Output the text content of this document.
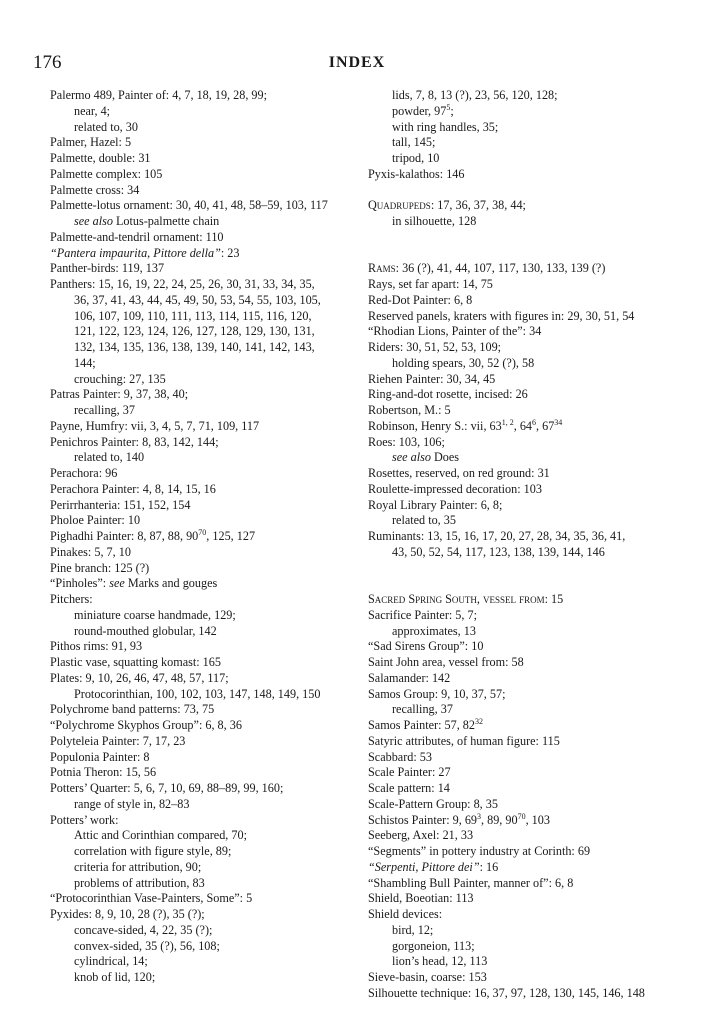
176	INDEX
Palermo 489, Painter of: 4, 7, 18, 19, 28, 99;
near, 4;
related to, 30
Palmer, Hazel: 5
Palmette, double: 31
Palmette complex: 105
Palmette cross: 34
Palmette-lotus ornament: 30, 40, 41, 48, 58–59, 103, 117
see also Lotus-palmette chain
Palmette-and-tendril ornament: 110
“Pantera impaurita, Pittore della”: 23
Panther-birds: 119, 137
Panthers: 15, 16, 19, 22, 24, 25, 26, 30, 31, 33, 34, 35,
36, 37, 41, 43, 44, 45, 49, 50, 53, 54, 55, 103, 105,
106, 107, 109, 110, 111, 113, 114, 115, 116, 120,
121, 122, 123, 124, 126, 127, 128, 129, 130, 131,
132, 134, 135, 136, 138, 139, 140, 141, 142, 143,
144;
crouching: 27, 135
Patras Painter: 9, 37, 38, 40;
recalling, 37
Payne, Humfry: vii, 3, 4, 5, 7, 71, 109, 117
Penichros Painter: 8, 83, 142, 144;
related to, 140
Perachora: 96
Perachora Painter: 4, 8, 14, 15, 16
Perirrhanteria: 151, 152, 154
Pholoe Painter: 10
Pighadhi Painter: 8, 87, 88, $90^{70}$, 125, 127
Pinakes: 5, 7, 10
Pine branch: 125 (?)
“Pinholes”: see Marks and gouges
Pitchers:
miniature coarse handmade, 129;
round-mouthed globular, 142
Pithos rims: 91, 93
Plastic vase, squatting komast: 165
Plates: 9, 10, 26, 46, 47, 48, 57, 117;
Protocorinthian, 100, 102, 103, 147, 148, 149, 150
Polychrome band patterns: 73, 75
“Polychrome Skyphos Group”: 6, 8, 36
Polyteleia Painter: 7, 17, 23
Populonia Painter: 8
Potnia Theron: 15, 56
Potters’ Quarter: 5, 6, 7, 10, 69, 88–89, 99, 160;
range of style in, 82–83
Potters’ work:
Attic and Corinthian compared, 70;
correlation with figure style, 89;
criteria for attribution, 90;
problems of attribution, 83
“Protocorinthian Vase-Painters, Some”: 5
Pyxides: 8, 9, 10, 28 (?), 35 (?);
concave-sided, 4, 22, 35 (?);
convex-sided, 35 (?), 56, 108;
cylindrical, 14;
knob of lid, 120;
lids, 7, 8, 13 (?), 23, 56, 120, 128;
powder, $97^5$;
with ring handles, 35;
tall, 145;
tripod, 10
Pyxis-kalathos: 146
Quadrupeds: 17, 36, 37, 38, 44;
in silhouette, 128
Rams: 36 (?), 41, 44, 107, 117, 130, 133, 139 (?)
Rays, set far apart: 14, 75
Red-Dot Painter: 6, 8
Reserved panels, kraters with figures in: 29, 30, 51, 54
“Rhodian Lions, Painter of the”: 34
Riders: 30, 51, 52, 53, 109;
holding spears, 30, 52 (?), 58
Riehen Painter: 30, 34, 45
Ring-and-dot rosette, incised: 26
Robertson, M.: 5
Robinson, Henry S.: vii, 63$^{1, 2}$, $64^6$, $67^{34}$
Roes: 103, 106;
see also Does
Rosettes, reserved, on red ground: 31
Roulette-impressed decoration: 103
Royal Library Painter: 6, 8;
related to, 35
Ruminants: 13, 15, 16, 17, 20, 27, 28, 34, 35, 36, 41,
43, 50, 52, 54, 117, 123, 138, 139, 144, 146
Sacred Spring South, vessel from: 15
Sacrifice Painter: 5, 7;
approximates, 13
“Sad Sirens Group”: 10
Saint John area, vessel from: 58
Salamander: 142
Samos Group: 9, 10, 37, 57;
recalling, 37
Samos Painter: 57, $82^{32}$
Satyric attributes, of human figure: 115
Scabbard: 53
Scale Painter: 27
Scale pattern: 14
Scale-Pattern Group: 8, 35
Schistos Painter: 9, $69^3$, 89, $90^{70}$, 103
Seeberg, Axel: 21, 33
“Segments” in pottery industry at Corinth: 69
“Serpenti, Pittore dei”: 16
“Shambling Bull Painter, manner of”: 6, 8
Shield, Boeotian: 113
Shield devices:
bird, 12;
gorgoneion, 113;
lion’s head, 12, 113
Sieve-basin, coarse: 153
Silhouette technique: 16, 37, 97, 128, 130, 145, 146, 148
